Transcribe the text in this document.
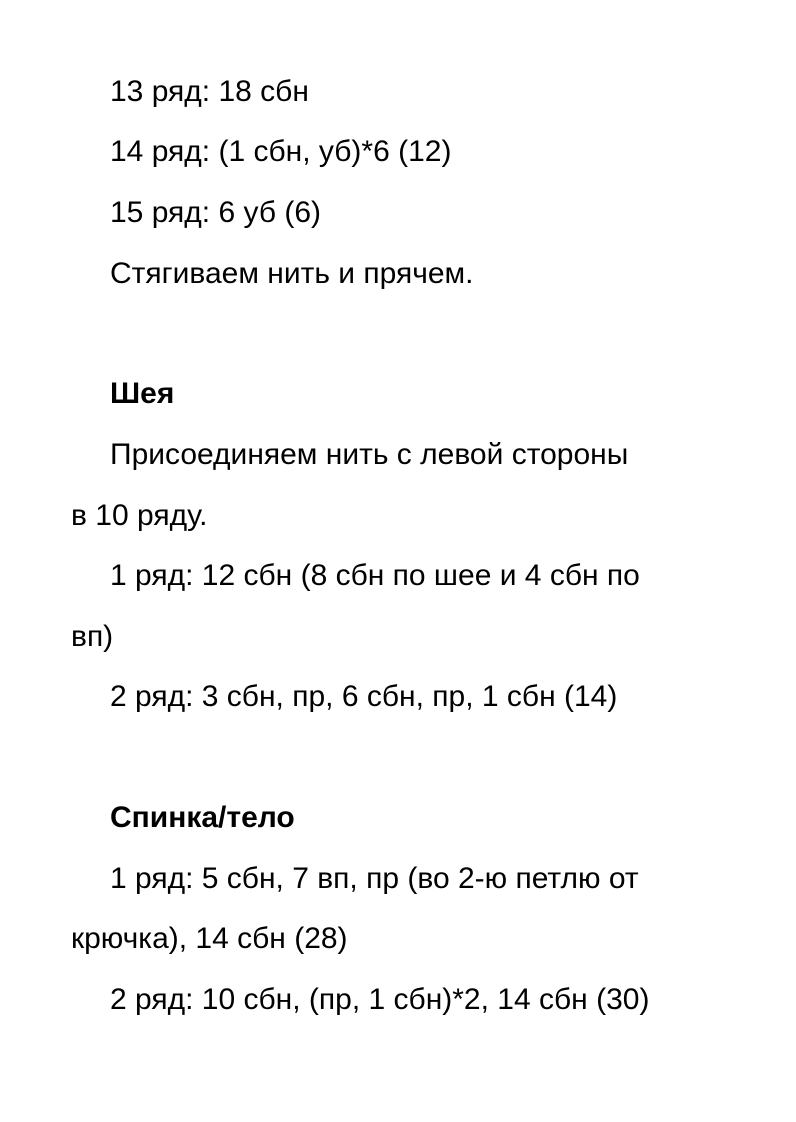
13 ряд: 18 сбн
14 ряд: (1 сбн, уб)*6 (12)
15 ряд: 6 уб (6)
Стягиваем нить и прячем.
Шея
Присоединяем нить с левой стороны
в 10 ряду.
1 ряд: 12 сбн (8 сбн по шее и 4 сбн по
вп)
2 ряд: 3 сбн, пр, 6 сбн, пр, 1 сбн (14)
Спинка/тело
1 ряд: 5 сбн, 7 вп, пр (во 2-ю петлю от
крючка), 14 сбн (28)
2 ряд: 10 сбн, (пр, 1 сбн)*2, 14 сбн (30)
